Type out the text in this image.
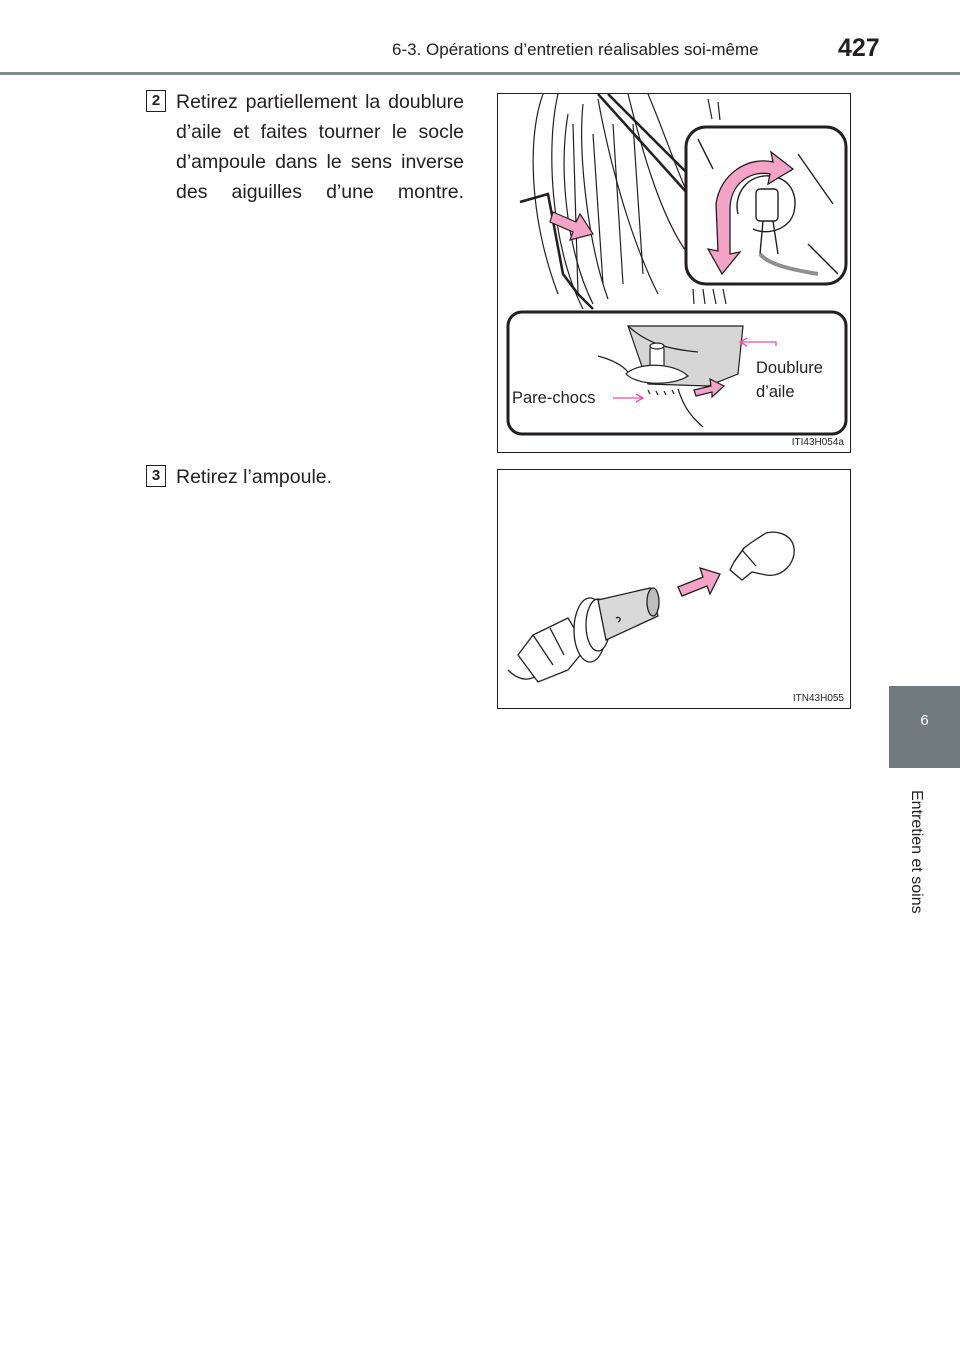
6-3. Opérations d’entretien réalisables soi-même	427
6
Entretien et soins
2 Retirez partiellement la doublure d’aile et faites tourner le socle d’ampoule dans le sens inverse des aiguilles d’une montre.
Pare-chocs
Doublure
d’aile
ITI43H054a
3 Retirez l’ampoule.
ITN43H055
